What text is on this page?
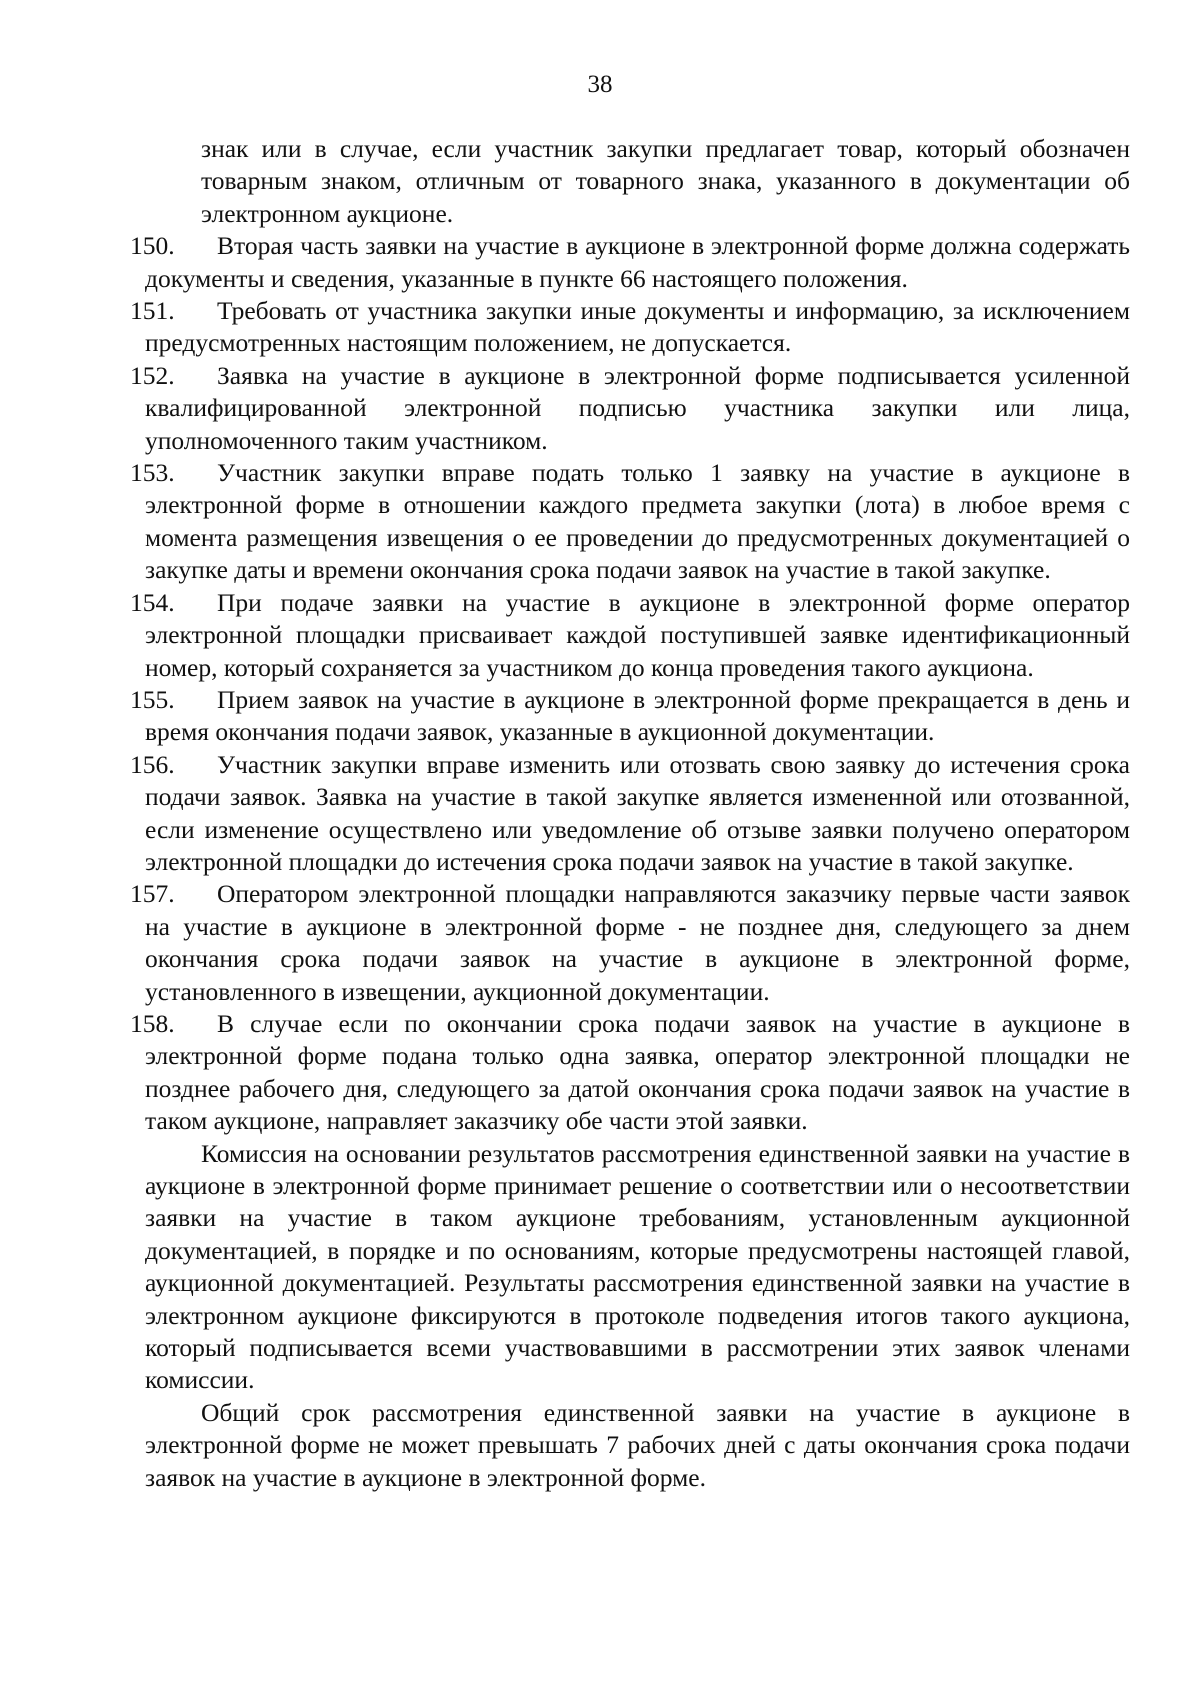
38
знак или в случае, если участник закупки предлагает товар, который обозначен товарным знаком, отличным от товарного знака, указанного в документации об электронном аукционе.
150.	Вторая часть заявки на участие в аукционе в электронной форме должна содержать документы и сведения, указанные в пункте 66 настоящего положения.
151.	Требовать от участника закупки иные документы и информацию, за исключением предусмотренных настоящим положением, не допускается.
152.	Заявка на участие в аукционе в электронной форме подписывается усиленной квалифицированной электронной подписью участника закупки или лица, уполномоченного таким участником.
153.	Участник закупки вправе подать только 1 заявку на участие в аукционе в электронной форме в отношении каждого предмета закупки (лота) в любое время с момента размещения извещения о ее проведении до предусмотренных документацией о закупке даты и времени окончания срока подачи заявок на участие в такой закупке.
154.	При подаче заявки на участие в аукционе в электронной форме оператор электронной площадки присваивает каждой поступившей заявке идентификационный номер, который сохраняется за участником до конца проведения такого аукциона.
155.	Прием заявок на участие в аукционе в электронной форме прекращается в день и время окончания подачи заявок, указанные в аукционной документации.
156.	Участник закупки вправе изменить или отозвать свою заявку до истечения срока подачи заявок. Заявка на участие в такой закупке является измененной или отозванной, если изменение осуществлено или уведомление об отзыве заявки получено оператором электронной площадки до истечения срока подачи заявок на участие в такой закупке.
157.	Оператором электронной площадки направляются заказчику первые части заявок на участие в аукционе в электронной форме - не позднее дня, следующего за днем окончания срока подачи заявок на участие в аукционе в электронной форме, установленного в извещении, аукционной документации.
158.	В случае если по окончании срока подачи заявок на участие в аукционе в электронной форме подана только одна заявка, оператор электронной площадки не позднее рабочего дня, следующего за датой окончания срока подачи заявок на участие в таком аукционе, направляет заказчику обе части этой заявки.
Комиссия на основании результатов рассмотрения единственной заявки на участие в аукционе в электронной форме принимает решение о соответствии или о несоответствии заявки на участие в таком аукционе требованиям, установленным аукционной документацией, в порядке и по основаниям, которые предусмотрены настоящей главой, аукционной документацией. Результаты рассмотрения единственной заявки на участие в электронном аукционе фиксируются в протоколе подведения итогов такого аукциона, который подписывается всеми участвовавшими в рассмотрении этих заявок членами комиссии.
Общий срок рассмотрения единственной заявки на участие в аукционе в электронной форме не может превышать 7 рабочих дней с даты окончания срока подачи заявок на участие в аукционе в электронной форме.
